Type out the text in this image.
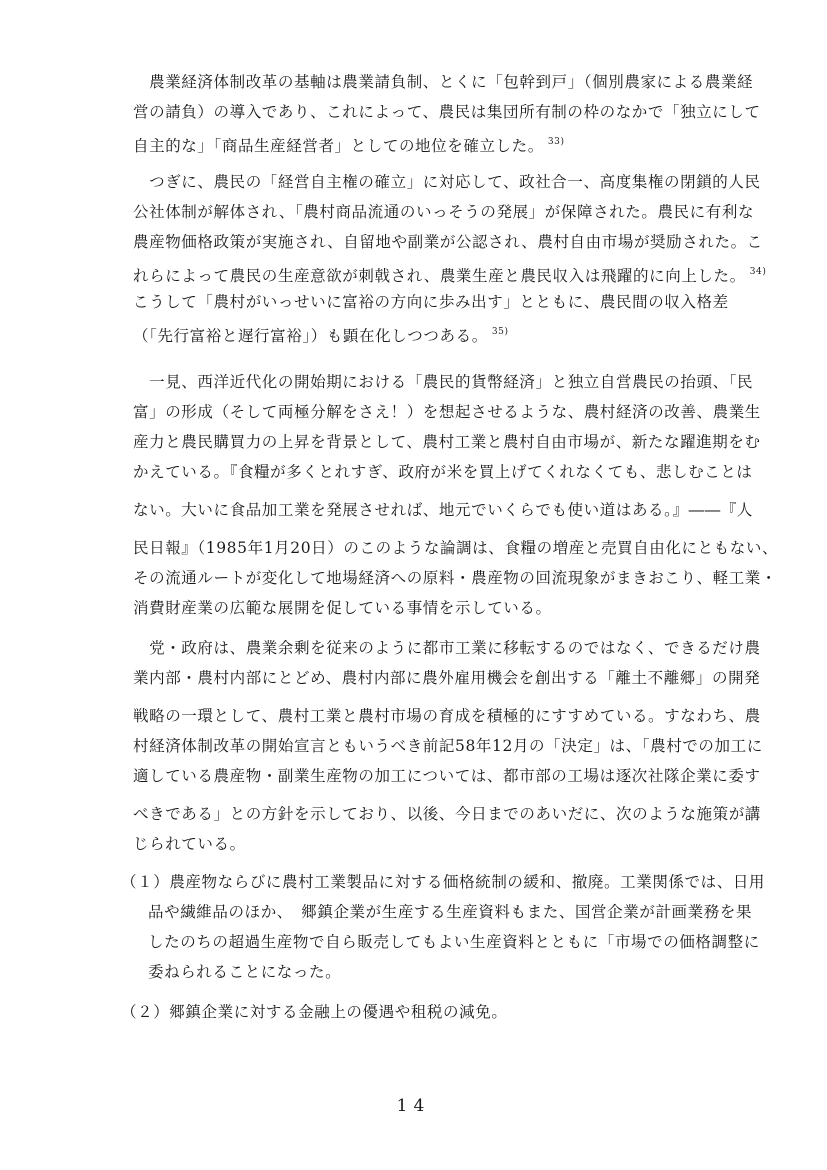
　農業経済体制改革の基軸は農業請負制、とくに「包幹到戸」（個別農家による農業経
営の請負）の導入であり、これによって、農民は集団所有制の枠のなかで「独立にして
自主的な」「商品生産経営者」としての地位を確立した。 $^{33)}$
　つぎに、農民の「経営自主権の確立」に対応して、政社合一、高度集権の閉鎖的人民
公社体制が解体され、「農村商品流通のいっそうの発展」が保障された。農民に有利な
農産物価格政策が実施され、自留地や副業が公認され、農村自由市場が奨励された。こ
れらによって農民の生産意欲が刺戟され、農業生産と農民収入は飛躍的に向上した。 $^{34)}$
こうして「農村がいっせいに富裕の方向に歩み出す」とともに、農民間の収入格差
（「先行富裕と遅行富裕」）も顕在化しつつある。 $^{35)}$
　一見、西洋近代化の開始期における「農民的貨幣経済」と独立自営農民の抬頭、「民
富」の形成（そして両極分解をさえ！）を想起させるような、農村経済の改善、農業生
産力と農民購買力の上昇を背景として、農村工業と農村自由市場が、新たな躍進期をむ
かえている。『食糧が多くとれすぎ、政府が米を買上げてくれなくても、悲しむことは
ない。大いに食品加工業を発展させれば、地元でいくらでも使い道はある。』――『人
民日報』（1985年1月20日）のこのような論調は、食糧の増産と売買自由化にともない、
その流通ルートが変化して地場経済への原料・農産物の回流現象がまきおこり、軽工業・
消費財産業の広範な展開を促している事情を示している。
　党・政府は、農業余剰を従来のように都市工業に移転するのではなく、できるだけ農
業内部・農村内部にとどめ、農村内部に農外雇用機会を創出する「離土不離郷」の開発
戦略の一環として、農村工業と農村市場の育成を積極的にすすめている。すなわち、農
村経済体制改革の開始宣言ともいうべき前記58年12月の「決定」は、「農村での加工に
適している農産物・副業生産物の加工については、都市部の工場は逐次社隊企業に委す
べきである」との方針を示しており、以後、今日までのあいだに、次のような施策が講
じられている。
（１）農産物ならびに農村工業製品に対する価格統制の緩和、撤廃。工業関係では、日用
品や繊維品のほか、　郷鎮企業が生産する生産資料もまた、国営企業が計画業務を果
したのちの超過生産物で自ら販売してもよい生産資料とともに「市場での価格調整に
委ねられることになった。
（２）郷鎮企業に対する金融上の優遇や租税の減免。
14
